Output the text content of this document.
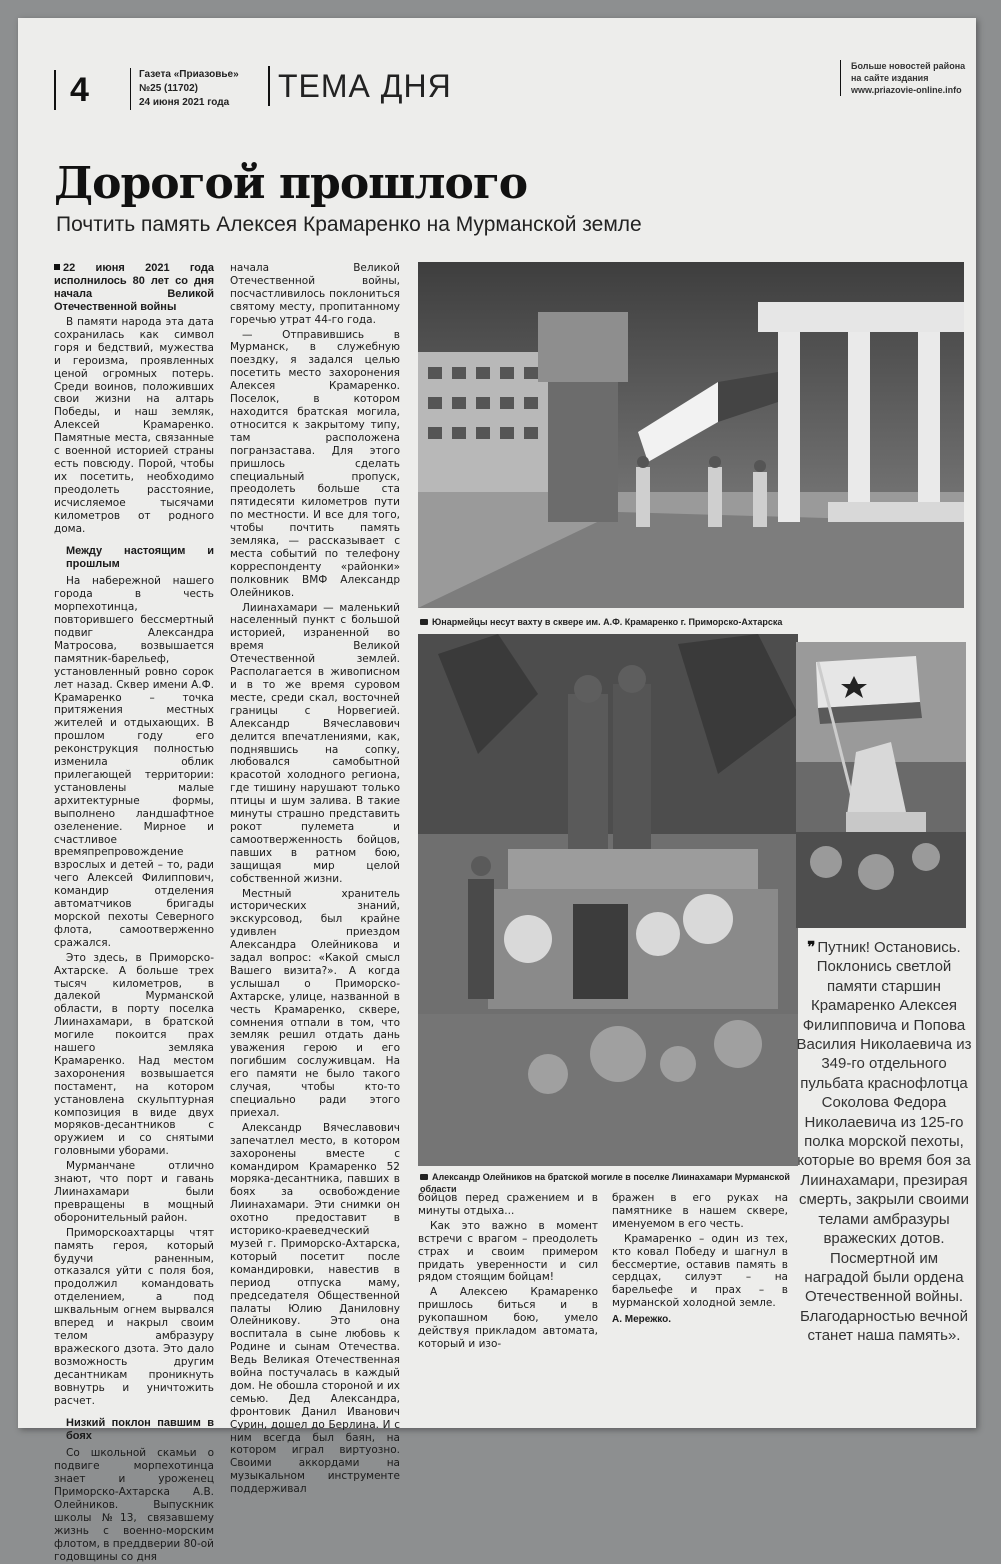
4	Газета «Приазовье»
№25 (11702)
24 июня 2021 года	ТЕМА ДНЯ
Больше новостей района
на сайте издания
www.priazovie-online.info
Дорогой прошлого
Почтить память Алексея Крамаренко на Мурманской земле

22 июня 2021 года исполнилось 80 лет со дня начала Великой Отечественной войны

В памяти народа эта дата сохранилась как символ горя и бедствий, мужества и героизма, проявленных ценой огромных потерь. Среди воинов, положивших свои жизни на алтарь Победы, и наш земляк, Алексей Крамаренко. Памятные места, связанные с военной историей страны есть повсюду. Порой, чтобы их посетить, необходимо преодолеть расстояние, исчисляемое тысячами километров от родного дома.

Между настоящим и прошлым

На набережной нашего города в честь морпехотинца, повторившего бессмертный подвиг Александра Матросова, возвышается памятник-барельеф, установленный ровно сорок лет назад. Сквер имени А.Ф. Крамаренко – точка притяжения местных жителей и отдыхающих. В прошлом году его реконструкция полностью изменила облик прилегающей территории: установлены малые архитектурные формы, выполнено ландшафтное озеленение. Мирное и счастливое времяпрепровождение взрослых и детей – то, ради чего Алексей Филиппович, командир отделения автоматчиков бригады морской пехоты Северного флота, самоотверженно сражался.

Это здесь, в Приморско-Ахтарске. А больше трех тысяч километров, в далекой Мурманской области, в порту поселка Лиинахамари, в братской могиле покоится прах нашего земляка Крамаренко. Над местом захоронения возвышается постамент, на котором установлена скульптурная композиция в виде двух моряков-десантников с оружием и со снятыми головными уборами.

Мурманчане отлично знают, что порт и гавань Лиинахамари были превращены в мощный оборонительный район.

Приморскоахтарцы чтят память героя, который будучи раненным, отказался уйти с поля боя, продолжил командовать отделением, а под шквальным огнем вырвался вперед и накрыл своим телом амбразуру вражеского дзота. Это дало возможность другим десантникам проникнуть вовнутрь и уничтожить расчет.

Низкий поклон павшим в боях

Со школьной скамьи о подвиге морпехотинца знает и уроженец Приморско-Ахтарска А.В. Олейников. Выпускник школы №13, связавшему жизнь с военно-морским флотом, в преддверии 80-ой годовщины со дня

начала Великой Отечественной войны, посчастливилось поклониться святому месту, пропитанному горечью утрат 44-го года.

— Отправившись в Мурманск, в служебную поездку, я задался целью посетить место захоронения Алексея Крамаренко. Поселок, в котором находится братская могила, относится к закрытому типу, там расположена погранзастава. Для этого пришлось сделать специальный пропуск, преодолеть больше ста пятидесяти километров пути по местности. И все для того, чтобы почтить память земляка, — рассказывает с места событий по телефону корреспонденту «районки» полковник ВМФ Александр Олейников.

Лиинахамари — маленький населенный пункт с большой историей, израненной во время Великой Отечественной землей. Располагается в живописном и в то же время суровом месте, среди скал, восточней границы с Норвегией. Александр Вячеславович делится впечатлениями, как, поднявшись на сопку, любовался самобытной красотой холодного региона, где тишину нарушают только птицы и шум залива. В такие минуты страшно представить рокот пулемета и самоотверженность бойцов, павших в ратном бою, защищая мир целой собственной жизни.

Местный хранитель исторических знаний, экскурсовод, был крайне удивлен приездом Александра Олейникова и задал вопрос: «Какой смысл Вашего визита?». А когда услышал о Приморско-Ахтарске, улице, названной в честь Крамаренко, сквере, сомнения отпали в том, что земляк решил отдать дань уважения герою и его погибшим сослуживцам. На его памяти не было такого случая, чтобы кто-то специально ради этого приехал.

Александр Вячеславович запечатлел место, в котором захоронены вместе с командиром Крамаренко 52 моряка-десантника, павших в боях за освобождение Лиинахамари. Эти снимки он охотно предоставит в историко-краеведческий музей г. Приморско-Ахтарска, который посетит после командировки, навестив в период отпуска маму, председателя Общественной палаты Юлию Даниловну Олейникову. Это она воспитала в сыне любовь к Родине и сынам Отечества. Ведь Великая Отечественная война постучалась в каждый дом. Не обошла стороной и их семью. Дед Александра, фронтовик Данил Иванович Сурин, дошел до Берлина. И с ним всегда был баян, на котором играл виртуозно. Своими аккордами на музыкальном инструменте поддерживал

Юнармейцы несут вахту в сквере им. А.Ф. Крамаренко г. Приморско-Ахтарска
Александр Олейников на братской могиле в поселке Лиинахамари Мурманской области

бойцов перед сражением и в минуты отдыха...

Как это важно в момент встречи с врагом – преодолеть страх и своим примером придать уверенности и сил рядом стоящим бойцам!

А Алексею Крамаренко пришлось биться и в рукопашном бою, умело действуя прикладом автомата, который и изо-

бражен в его руках на памятнике в нашем сквере, именуемом в его честь.

Крамаренко – один из тех, кто ковал Победу и шагнул в бессмертие, оставив память в сердцах, силуэт – на барельефе и прах – в мурманской холодной земле.

А. Мережко.

❞ Путник! Остановись. Поклонись светлой памяти старшин Крамаренко Алексея Филипповича и Попова Василия Николаевича из 349-го отдельного пульбата краснофлотца Соколова Федора Николаевича из 125-го полка морской пехоты, которые во время боя за Лиинахамари, презирая смерть, закрыли своими телами амбразуры вражеских дотов. Посмертной им наградой были ордена Отечественной войны. Благодарностью вечной станет наша память».
